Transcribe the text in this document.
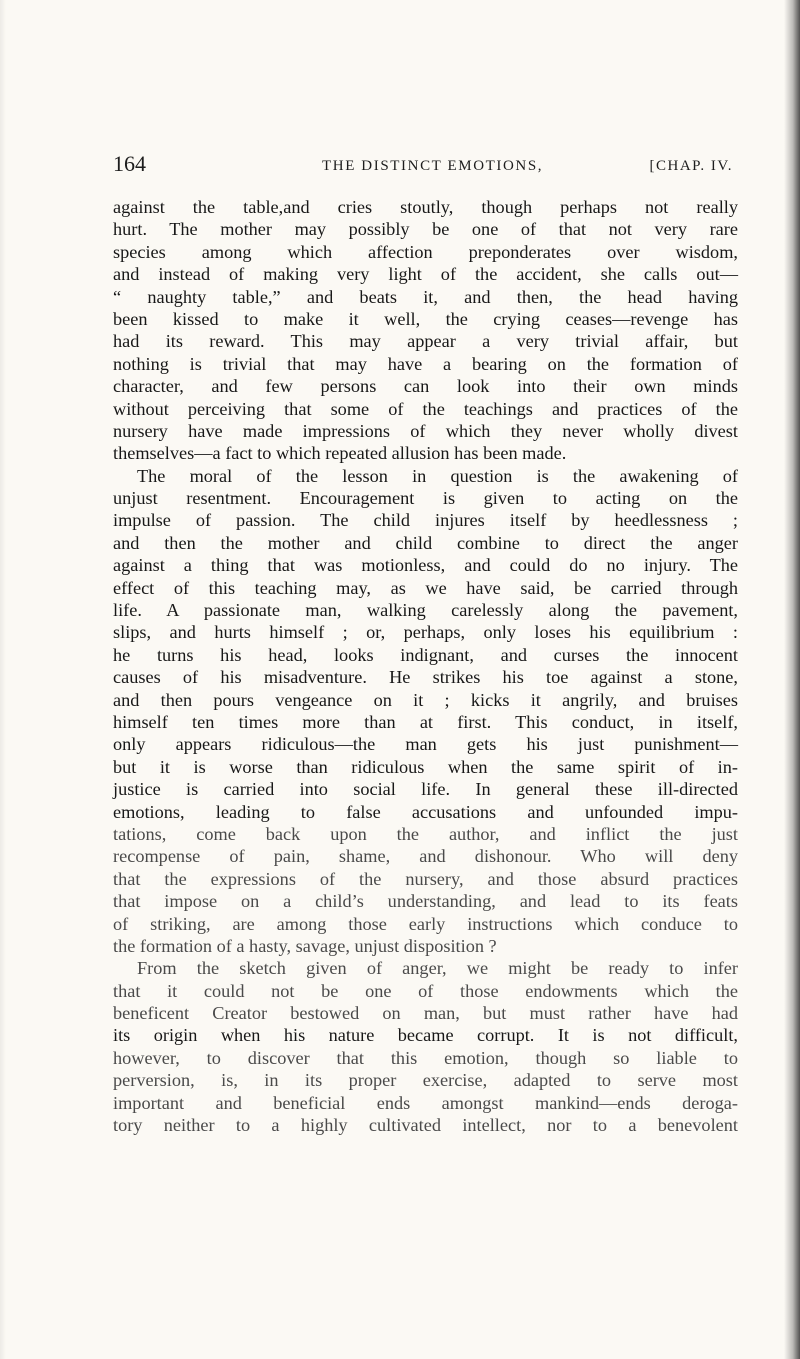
164	THE DISTINCT EMOTIONS,	[CHAP. IV.
against the table,and cries stoutly, though perhaps not really
hurt. The mother may possibly be one of that not very rare
species among which affection preponderates over wisdom,
and instead of making very light of the accident, she calls out—
“ naughty table,” and beats it, and then, the head having
been kissed to make it well, the crying ceases—revenge has
had its reward. This may appear a very trivial affair, but
nothing is trivial that may have a bearing on the formation of
character, and few persons can look into their own minds
without perceiving that some of the teachings and practices of the
nursery have made impressions of which they never wholly divest
themselves—a fact to which repeated allusion has been made.
The moral of the lesson in question is the awakening of
unjust resentment. Encouragement is given to acting on the
impulse of passion. The child injures itself by heedlessness ;
and then the mother and child combine to direct the anger
against a thing that was motionless, and could do no injury. The
effect of this teaching may, as we have said, be carried through
life. A passionate man, walking carelessly along the pavement,
slips, and hurts himself ; or, perhaps, only loses his equilibrium :
he turns his head, looks indignant, and curses the innocent
causes of his misadventure. He strikes his toe against a stone,
and then pours vengeance on it ; kicks it angrily, and bruises
himself ten times more than at first. This conduct, in itself,
only appears ridiculous—the man gets his just punishment—
but it is worse than ridiculous when the same spirit of in-
justice is carried into social life. In general these ill-directed
emotions, leading to false accusations and unfounded impu-
tations, come back upon the author, and inflict the just
recompense of pain, shame, and dishonour. Who will deny
that the expressions of the nursery, and those absurd practices
that impose on a child’s understanding, and lead to its feats
of striking, are among those early instructions which conduce to
the formation of a hasty, savage, unjust disposition ?
From the sketch given of anger, we might be ready to infer
that it could not be one of those endowments which the
beneficent Creator bestowed on man, but must rather have had
its origin when his nature became corrupt. It is not difficult,
however, to discover that this emotion, though so liable to
perversion, is, in its proper exercise, adapted to serve most
important and beneficial ends amongst mankind—ends deroga-
tory neither to a highly cultivated intellect, nor to a benevolent
